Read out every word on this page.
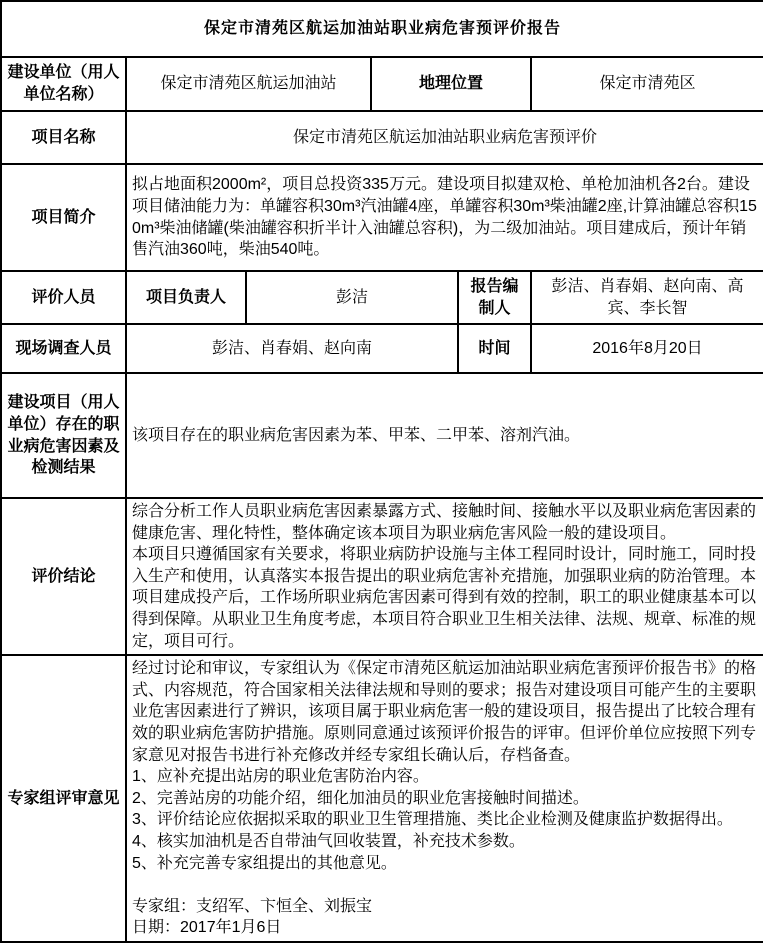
保定市清苑区航运加油站职业病危害预评价报告					
建设单位（用人单位名称）	保定市清苑区航运加油站		地理位置		保定市清苑区
项目名称	保定市清苑区航运加油站职业病危害预评价				
项目简介	拟占地面积2000m²，项目总投资335万元。建设项目拟建双枪、单枪加油机各2台。建设项目储油能力为：单罐容积30m³汽油罐4座，单罐容积30m³柴油罐2座,计算油罐总容积150m³柴油储罐(柴油罐容积折半计入油罐总容积)，为二级加油站。项目建成后，预计年销售汽油360吨，柴油540吨。				
评价人员	项目负责人	彭洁		报告编制人	彭洁、肖春娟、赵向南、高宾、李长智
现场调查人员	彭洁、肖春娟、赵向南			时间	2016年8月20日
建设项目（用人单位）存在的职业病危害因素及检测结果	该项目存在的职业病危害因素为苯、甲苯、二甲苯、溶剂汽油。				
评价结论	综合分析工作人员职业病危害因素暴露方式、接触时间、接触水平以及职业病危害因素的健康危害、理化特性，整体确定该本项目为职业病危害风险一般的建设项目。
本项目只遵循国家有关要求，将职业病防护设施与主体工程同时设计，同时施工，同时投入生产和使用，认真落实本报告提出的职业病危害补充措施，加强职业病的防治管理。本项目建成投产后，工作场所职业病危害因素可得到有效的控制，职工的职业健康基本可以得到保障。从职业卫生角度考虑，本项目符合职业卫生相关法律、法规、规章、标准的规定，项目可行。				
专家组评审意见	经过讨论和审议，专家组认为《保定市清苑区航运加油站职业病危害预评价报告书》的格式、内容规范，符合国家相关法律法规和导则的要求；报告对建设项目可能产生的主要职业危害因素进行了辨识，该项目属于职业病危害一般的建设项目，报告提出了比较合理有效的职业病危害防护措施。原则同意通过该预评价报告的评审。但评价单位应按照下列专家意见对报告书进行补充修改并经专家组长确认后，存档备查。
1、应补充提出站房的职业危害防治内容。
2、完善站房的功能介绍，细化加油员的职业危害接触时间描述。
3、评价结论应依据拟采取的职业卫生管理措施、类比企业检测及健康监护数据得出。
4、核实加油机是否自带油气回收装置，补充技术参数。
5、补充完善专家组提出的其他意见。

专家组：支绍军、卞恒全、刘振宝
日期：2017年1月6日
